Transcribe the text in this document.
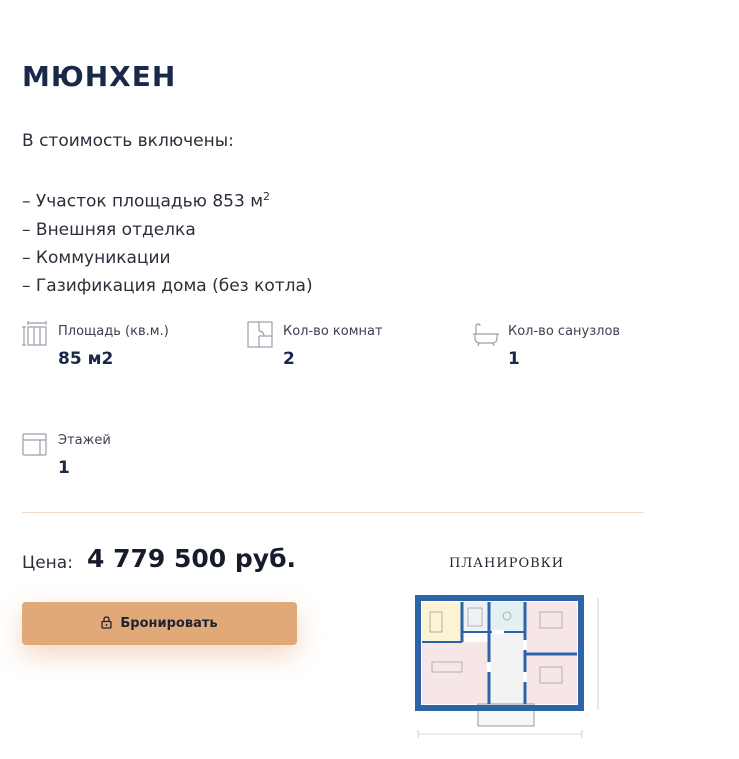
МЮНХЕН
В стоимость включены:
– Участок площадью 853 $м^2$
– Внешняя отделка
– Коммуникации
– Газификация дома (без котла)
Площадь (кв.м.)
85 м2
Кол-во комнат
2
Кол-во санузлов
1
Этажей
1
Цена: 4 779 500 руб.
Бронировать
ПЛАНИРОВКИ
